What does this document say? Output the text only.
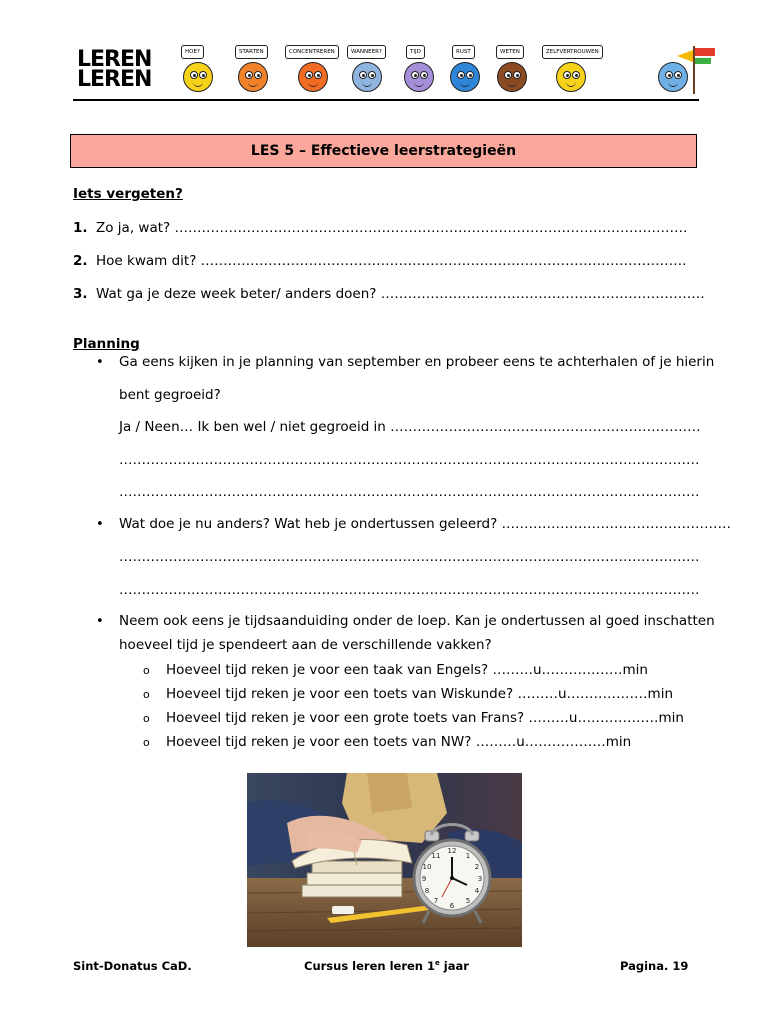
LEREN
LEREN
HOE?	STARTEN	CONCENTREREN	WANNEER?	TIJD	RUST	WETEN	ZELFVERTROUWEN
LES 5 – Effectieve leerstrategieën
Iets vergeten?
1. Zo ja, wat? ……………………………………………………………………………………………………
2. Hoe kwam dit? ………………………………………………………………………………………………
3. Wat ga je deze week beter/ anders doen? ………………………………………………………………
Planning
• Ga eens kijken in je planning van september en probeer eens te achterhalen of je hierin
bent gegroeid?
Ja / Neen… Ik ben wel / niet gegroeid in ……………………………………………………………
…………………………………………………………………………………………………………………
…………………………………………………………………………………………………………………
• Wat doe je nu anders? Wat heb je ondertussen geleerd? ……………………………………………
…………………………………………………………………………………………………………………
…………………………………………………………………………………………………………………
• Neem ook eens je tijdsaanduiding onder de loep. Kan je ondertussen al goed inschatten
hoeveel tijd je spendeert aan de verschillende vakken?
o Hoeveel tijd reken je voor een taak van Engels? ………u………………min
o Hoeveel tijd reken je voor een toets van Wiskunde? ………u………………min
o Hoeveel tijd reken je voor een grote toets van Frans? ………u………………min
o Hoeveel tijd reken je voor een toets van NW? ………u………………min
12
1
2
3
4
5
6
7
8
9
10
11
Sint-Donatus CaD.	Cursus leren leren 1e jaar	Pagina. 19
